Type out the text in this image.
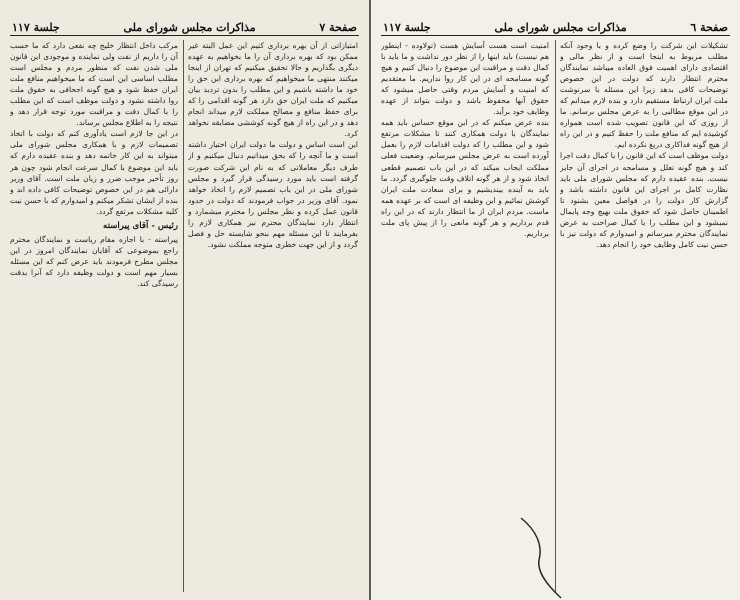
صفحة ٧
مذاكرات مجلس شوراى ملى
جلسة ١١٧

امتیازاتی از آن بهره برداری کنیم این عمل البته غیر ممکن بود که بهره برداری آن را ما بخواهیم به عهده دیگری بگذاریم و حالا تحقیق میکنیم که تهران از اینجا میکنند منتهی ما میخواهیم که بهره برداری این حق را خود ما داشته باشیم و این مطلب را بدون تردید بیان میکنیم که ملت ایران حق دارد هر گونه اقدامی را که برای حفظ منافع و مصالح مملکت لازم میداند انجام دهد و در این راه از هیچ گونه کوششی مضایقه نخواهد کرد.

این است اساس و دولت ما دولت ایران اختیار داشته است و ما آنچه را که بحق میدانیم دنبال میکنیم و از طرف دیگر معاملاتی که به نام این شرکت صورت گرفته است باید مورد رسیدگی قرار گیرد و مجلس شورای ملی در این باب تصمیم لازم را اتخاذ خواهد نمود. آقای وزیر در جواب فرمودند که دولت در حدود قانون عمل کرده و نظر مجلس را محترم میشمارد و انتظار دارد نمایندگان محترم نیز همکاری لازم را بفرمایند تا این مسئله مهم بنحو شایسته حل و فصل گردد و از این جهت خطری متوجه مملکت نشود.

مرکب داخل انتظار خلیج چه نفعی دارد که ما حسب آن را داریم از نفت ولی نماینده و موجودی این قانون ملی شدن نفت که منظور مردم و مجلس است مطلب اساسی این است که ما میخواهیم منافع ملت ایران حفظ شود و هیچ گونه اجحافی به حقوق ملت روا داشته نشود و دولت موظف است که این مطلب را با کمال دقت و مراقبت مورد توجه قرار دهد و نتیجه را به اطلاع مجلس برساند.

در این جا لازم است یادآوری کنم که دولت با اتخاذ تصمیمات لازم و با همکاری مجلس شورای ملی میتواند به این کار خاتمه دهد و بنده عقیده دارم که باید این موضوع با کمال سرعت انجام شود چون هر روز تأخیر موجب ضرر و زیان ملت است. آقای وزیر دارائی هم در این خصوص توضیحات کافی داده اند و بنده از ایشان تشکر میکنم و امیدوارم که با حسن نیت کلیه مشکلات مرتفع گردد.

رئیس - آقای پیراسته

پیراسته - با اجازه مقام ریاست و نمایندگان محترم راجع بموضوعی که آقایان نمایندگان امروز در این مجلس مطرح فرمودند باید عرض کنم که این مسئله بسیار مهم است و دولت وظیفه دارد که آنرا بدقت رسیدگی کند.

صفحة ٦
مذاكرات مجلس شوراى ملى
جلسة ١١٧

تشکیلات این شرکت را وضع کرده و با وجود آنکه مطلب مربوط به اینجا است و از نظر مالی و اقتصادی دارای اهمیت فوق العاده میباشد نمایندگان محترم انتظار دارند که دولت در این خصوص توضیحات کافی بدهد زیرا این مسئله با سرنوشت ملت ایران ارتباط مستقیم دارد و بنده لازم میدانم که در این موقع مطالبی را به عرض مجلس برسانم. ما از روزی که این قانون تصویب شده است همواره کوشیده ایم که منافع ملت را حفظ کنیم و در این راه از هیچ گونه فداکاری دریغ نکرده ایم.

دولت موظف است که این قانون را با کمال دقت اجرا کند و هیچ گونه تعلل و مسامحه در اجرای آن جایز نیست. بنده عقیده دارم که مجلس شورای ملی باید نظارت کامل بر اجرای این قانون داشته باشد و گزارش کار دولت را در فواصل معین بشنود تا اطمینان حاصل شود که حقوق ملت بهیچ وجه پایمال نمیشود و این مطلب را با کمال صراحت به عرض نمایندگان محترم میرسانم و امیدوارم که دولت نیز با حسن نیت کامل وظایف خود را انجام دهد.

امنیت است هست آسایش هست (تولاوده - اینطور هم نیست) باید اینها را از نظر دور نداشت و ما باید با کمال دقت و مراقبت این موضوع را دنبال کنیم و هیچ گونه مسامحه ای در این کار روا نداریم. ما معتقدیم که امنیت و آسایش مردم وقتی حاصل میشود که حقوق آنها محفوظ باشد و دولت بتواند از عهده وظایف خود برآید.

بنده عرض میکنم که در این موقع حساس باید همه نمایندگان با دولت همکاری کنند تا مشکلات مرتفع شود و این مطلب را که دولت اقدامات لازم را بعمل آورده است به عرض مجلس میرسانم. وضعیت فعلی مملکت ایجاب میکند که در این باب تصمیم قطعی اتخاذ شود و از هر گونه اتلاف وقت جلوگیری گردد. ما باید به آینده بیندیشیم و برای سعادت ملت ایران کوشش نمائیم و این وظیفه ای است که بر عهده همه ماست. مردم ایران از ما انتظار دارند که در این راه قدم برداریم و هر گونه مانعی را از پیش پای ملت برداریم.
